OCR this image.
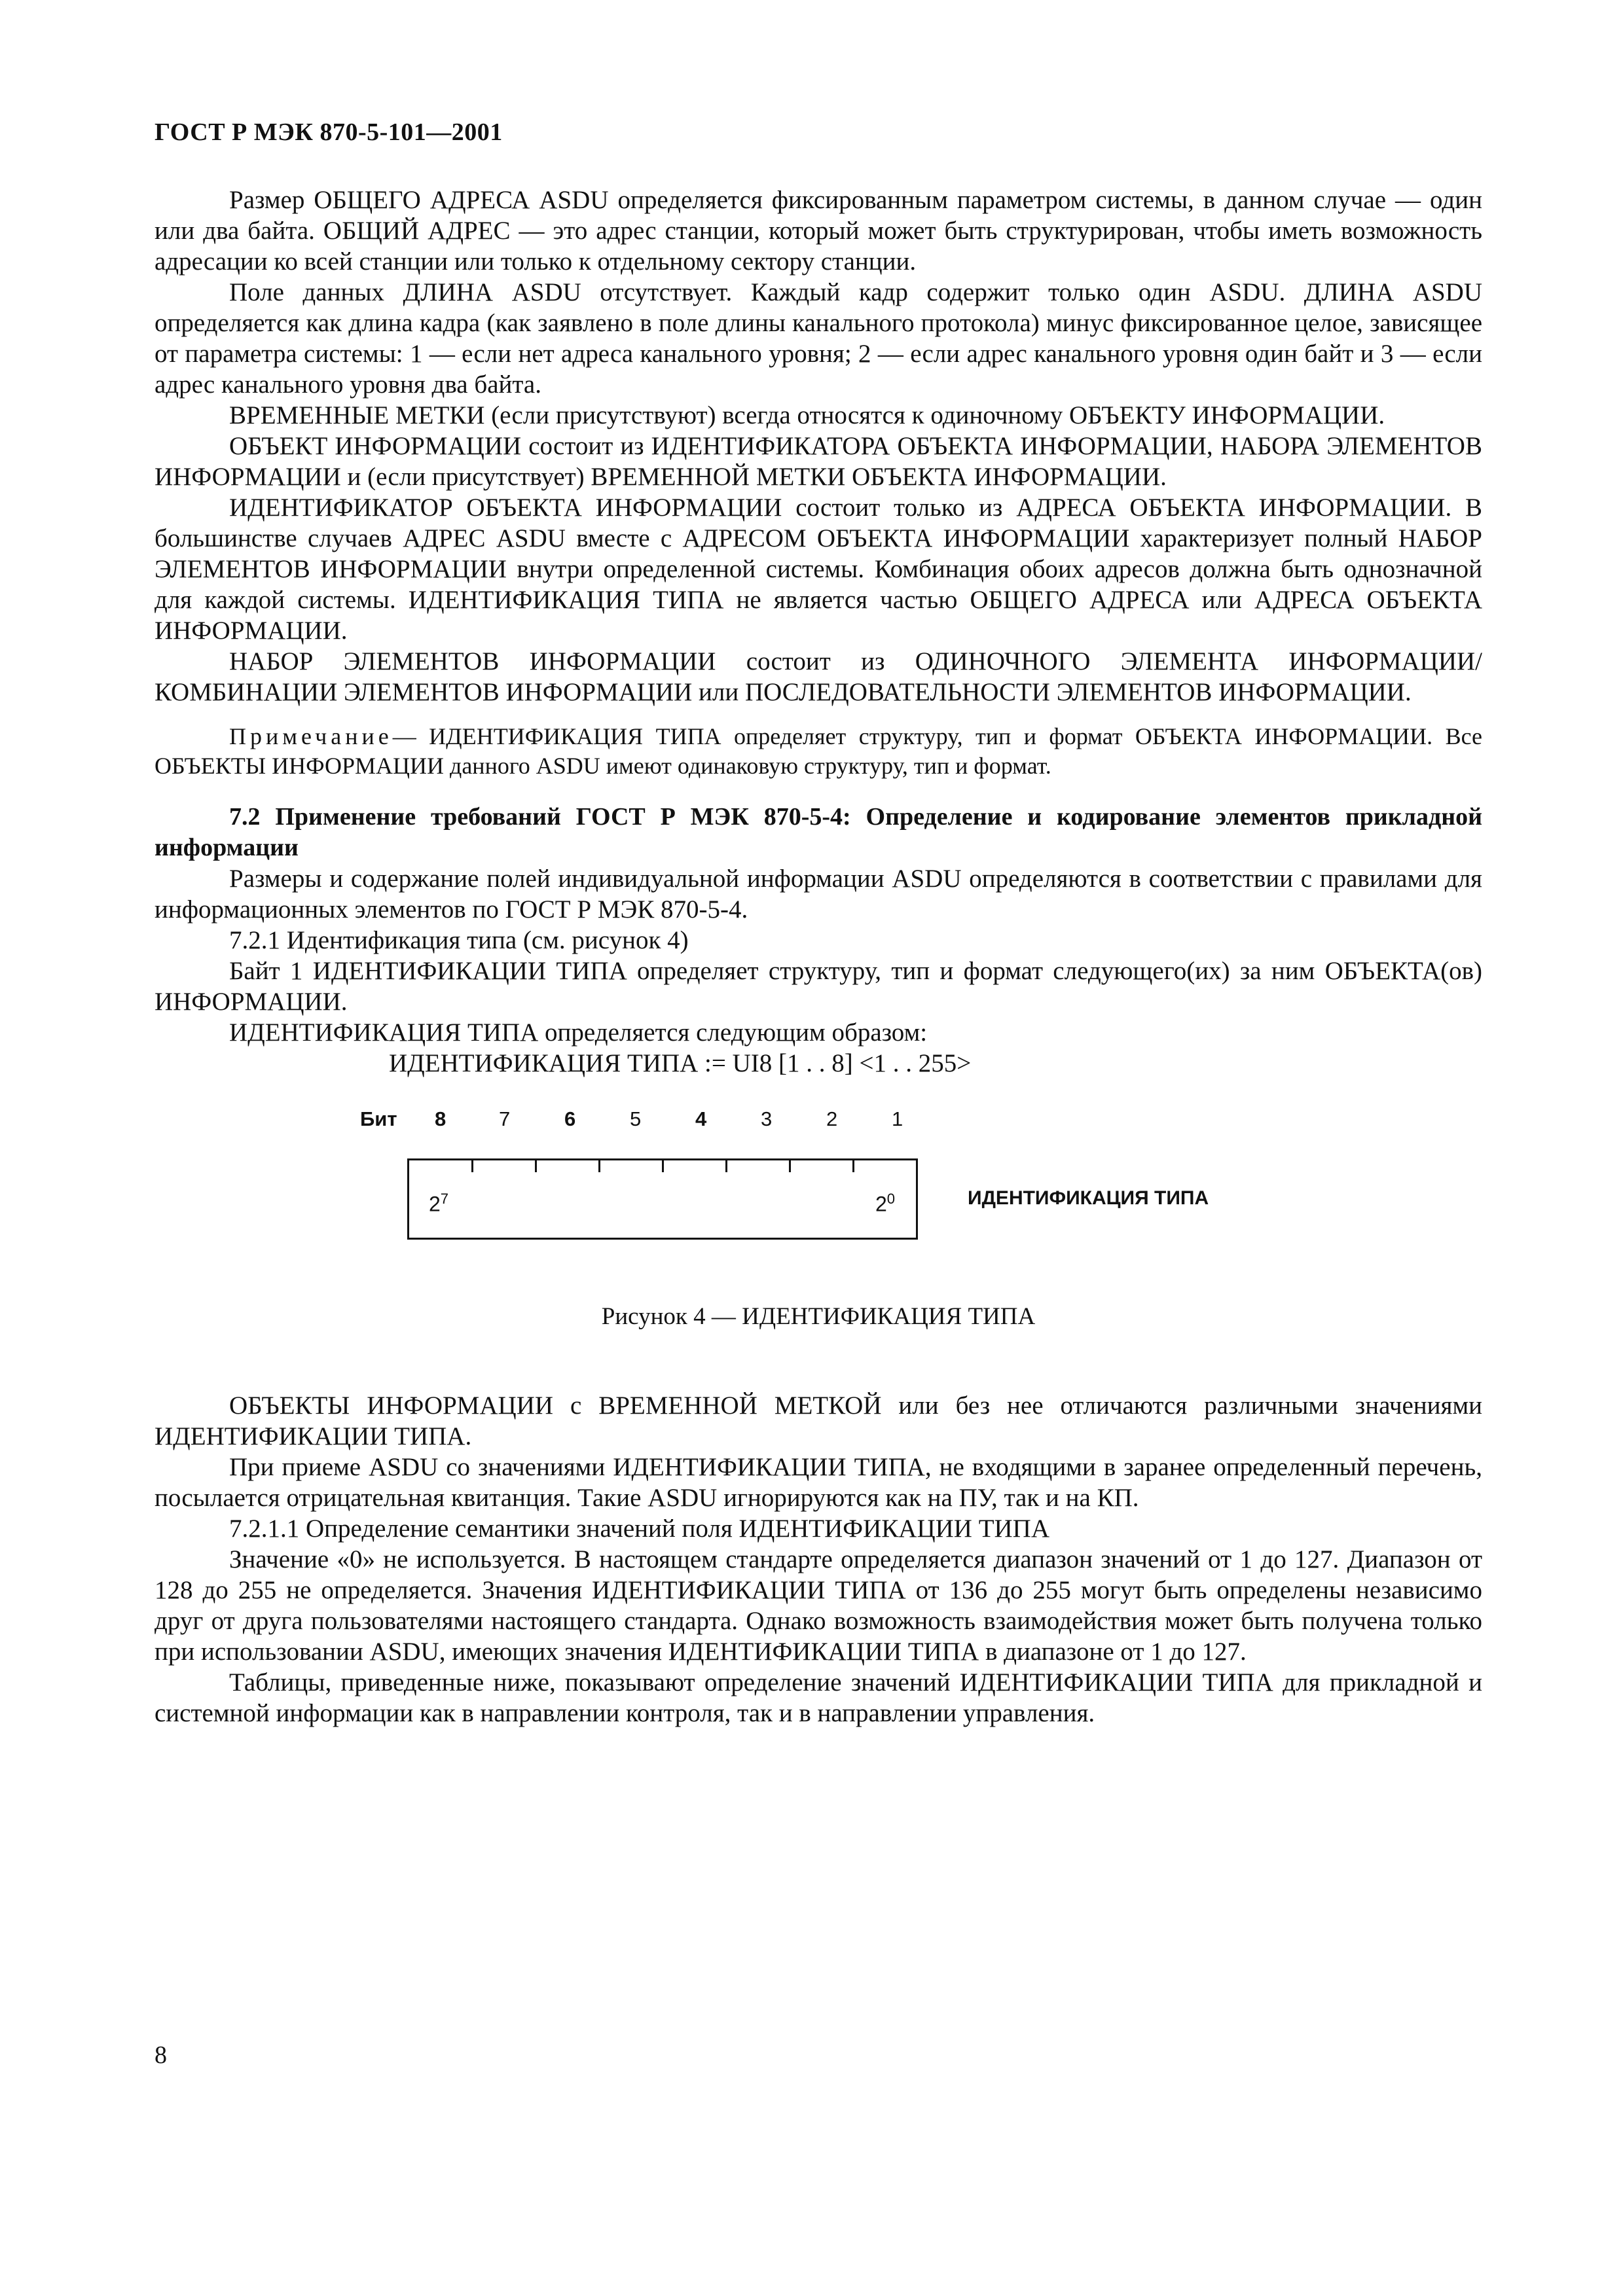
ГОСТ Р МЭК 870-5-101—2001

Размер ОБЩЕГО АДРЕСА ASDU определяется фиксированным параметром системы, в данном случае — один или два байта. ОБЩИЙ АДРЕС — это адрес станции, который может быть структурирован, чтобы иметь возможность адресации ко всей станции или только к отдельному сектору станции.

Поле данных ДЛИНА ASDU отсутствует. Каждый кадр содержит только один ASDU. ДЛИНА ASDU определяется как длина кадра (как заявлено в поле длины канального протокола) минус фиксированное целое, зависящее от параметра системы: 1 — если нет адреса канального уровня; 2 — если адрес канального уровня один байт и 3 — если адрес канального уровня два байта.

ВРЕМЕННЫЕ МЕТКИ (если присутствуют) всегда относятся к одиночному ОБЪЕКТУ ИНФОРМАЦИИ.

ОБЪЕКТ ИНФОРМАЦИИ состоит из ИДЕНТИФИКАТОРА ОБЪЕКТА ИНФОРМАЦИИ, НАБОРА ЭЛЕМЕНТОВ ИНФОРМАЦИИ и (если присутствует) ВРЕМЕННОЙ МЕТКИ ОБЪЕКТА ИНФОРМАЦИИ.

ИДЕНТИФИКАТОР ОБЪЕКТА ИНФОРМАЦИИ состоит только из АДРЕСА ОБЪЕКТА ИНФОРМАЦИИ. В большинстве случаев АДРЕС ASDU вместе с АДРЕСОМ ОБЪЕКТА ИНФОРМАЦИИ характеризует полный НАБОР ЭЛЕМЕНТОВ ИНФОРМАЦИИ внутри определенной системы. Комбинация обоих адресов должна быть однозначной для каждой системы. ИДЕНТИФИКАЦИЯ ТИПА не является частью ОБЩЕГО АДРЕСА или АДРЕСА ОБЪЕКТА ИНФОРМАЦИИ.

НАБОР ЭЛЕМЕНТОВ ИНФОРМАЦИИ состоит из ОДИНОЧНОГО ЭЛЕМЕНТА ИНФОРМАЦИИ/КОМБИНАЦИИ ЭЛЕМЕНТОВ ИНФОРМАЦИИ или ПОСЛЕДОВАТЕЛЬНОСТИ ЭЛЕМЕНТОВ ИНФОРМАЦИИ.

Примечание— ИДЕНТИФИКАЦИЯ ТИПА определяет структуру, тип и формат ОБЪЕКТА ИНФОРМАЦИИ. Все ОБЪЕКТЫ ИНФОРМАЦИИ данного ASDU имеют одинаковую структуру, тип и формат.

7.2 Применение требований ГОСТ Р МЭК 870-5-4: Определение и кодирование элементов прикладной информации

Размеры и содержание полей индивидуальной информации ASDU определяются в соответствии с правилами для информационных элементов по ГОСТ Р МЭК 870-5-4.

7.2.1 Идентификация типа (см. рисунок 4)

Байт 1 ИДЕНТИФИКАЦИИ ТИПА определяет структуру, тип и формат следующего(их) за ним ОБЪЕКТА(ов) ИНФОРМАЦИИ.

ИДЕНТИФИКАЦИЯ ТИПА определяется следующим образом:

ИДЕНТИФИКАЦИЯ ТИПА := UI8 [1 . . 8] <1 . . 255>
Бит 8	7	6	5	4	3	2	1
$2^7$	$2^0$	ИДЕНТИФИКАЦИЯ ТИПА
Рисунок 4 — ИДЕНТИФИКАЦИЯ ТИПА

ОБЪЕКТЫ ИНФОРМАЦИИ с ВРЕМЕННОЙ МЕТКОЙ или без нее отличаются различными значениями ИДЕНТИФИКАЦИИ ТИПА.

При приеме ASDU со значениями ИДЕНТИФИКАЦИИ ТИПА, не входящими в заранее определенный перечень, посылается отрицательная квитанция. Такие ASDU игнорируются как на ПУ, так и на КП.

7.2.1.1 Определение семантики значений поля ИДЕНТИФИКАЦИИ ТИПА

Значение «0» не используется. В настоящем стандарте определяется диапазон значений от 1 до 127. Диапазон от 128 до 255 не определяется. Значения ИДЕНТИФИКАЦИИ ТИПА от 136 до 255 могут быть определены независимо друг от друга пользователями настоящего стандарта. Однако возможность взаимодействия может быть получена только при использовании ASDU, имеющих значения ИДЕНТИФИКАЦИИ ТИПА в диапазоне от 1 до 127.

Таблицы, приведенные ниже, показывают определение значений ИДЕНТИФИКАЦИИ ТИПА для прикладной и системной информации как в направлении контроля, так и в направлении управления.

8
